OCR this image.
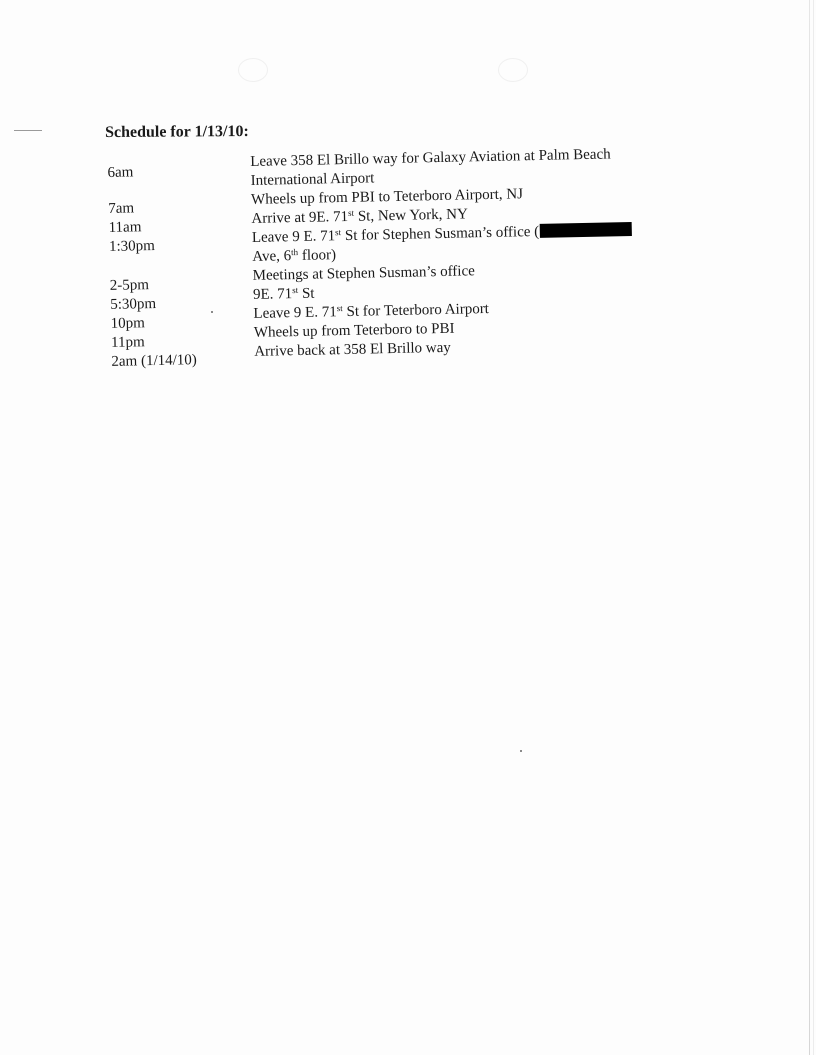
Schedule for 1/13/10:
6am
Leave 358 El Brillo way for Galaxy Aviation at Palm Beach
International Airport
7am
Wheels up from PBI to Teterboro Airport, NJ
11am
Arrive at 9E. 71st St, New York, NY
1:30pm
Leave 9 E. 71st St for Stephen Susman’s office (
Ave, 6th floor)
2-5pm
Meetings at Stephen Susman’s office
5:30pm
9E. 71st St
10pm
Leave 9 E. 71st St for Teterboro Airport
11pm
Wheels up from Teterboro to PBI
2am (1/14/10)
Arrive back at 358 El Brillo way
